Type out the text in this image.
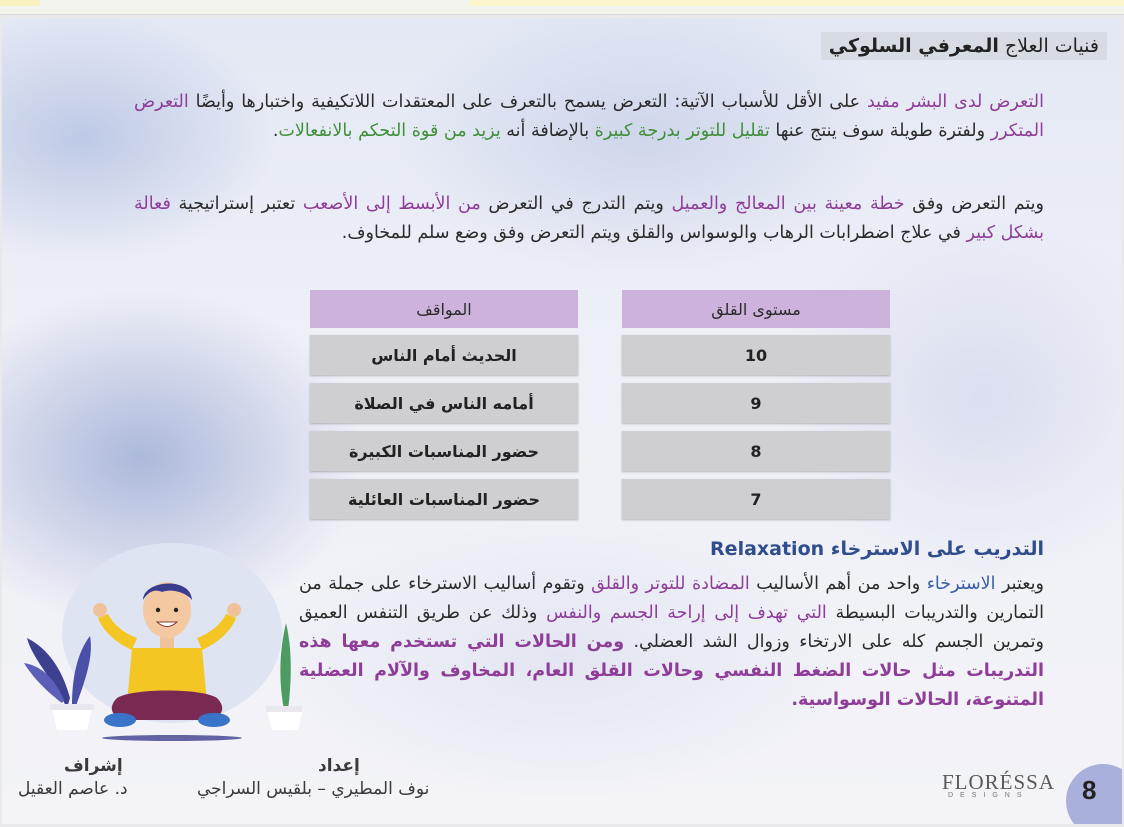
فنيات العلاج المعرفي السلوكي
التعرض لدى البشر مفيد على الأقل للأسباب الآتية: التعرض يسمح بالتعرف على المعتقدات اللاتكيفية واختبارها وأيضًا التعرض المتكرر ولفترة طويلة سوف ينتج عنها تقليل للتوتر بدرجة كبيرة بالإضافة أنه يزيد من قوة التحكم بالانفعالات.
ويتم التعرض وفق خطة معينة بين المعالج والعميل ويتم التدرج في التعرض من الأبسط إلى الأصعب تعتبر إستراتيجية فعالة بشكل كبير في علاج اضطرابات الرهاب والوسواس والقلق ويتم التعرض وفق وضع سلم للمخاوف.
مستوى القلق
المواقف
10
الحديث أمام الناس
9
أمامه الناس في الصلاة
8
حضور المناسبات الكبيرة
7
حضور المناسبات العائلية
التدريب على الاسترخاء Relaxation
ويعتبر الاسترخاء واحد من أهم الأساليب المضادة للتوتر والقلق وتقوم أساليب الاسترخاء على جملة من التمارين والتدريبات البسيطة التي تهدف إلى إراحة الجسم والنفس وذلك عن طريق التنفس العميق وتمرين الجسم كله على الارتخاء وزوال الشد العضلي. ومن الحالات التي تستخدم معها هذه التدريبات مثل حالات الضغط النفسي وحالات القلق العام، المخاوف والآلام العضلية المتنوعة، الحالات الوسواسية.
إعداد
نوف المطيري – بلقيس السراجي
إشراف
د. عاصم العقيل	FLORÉSSA
DESIGNS	8
